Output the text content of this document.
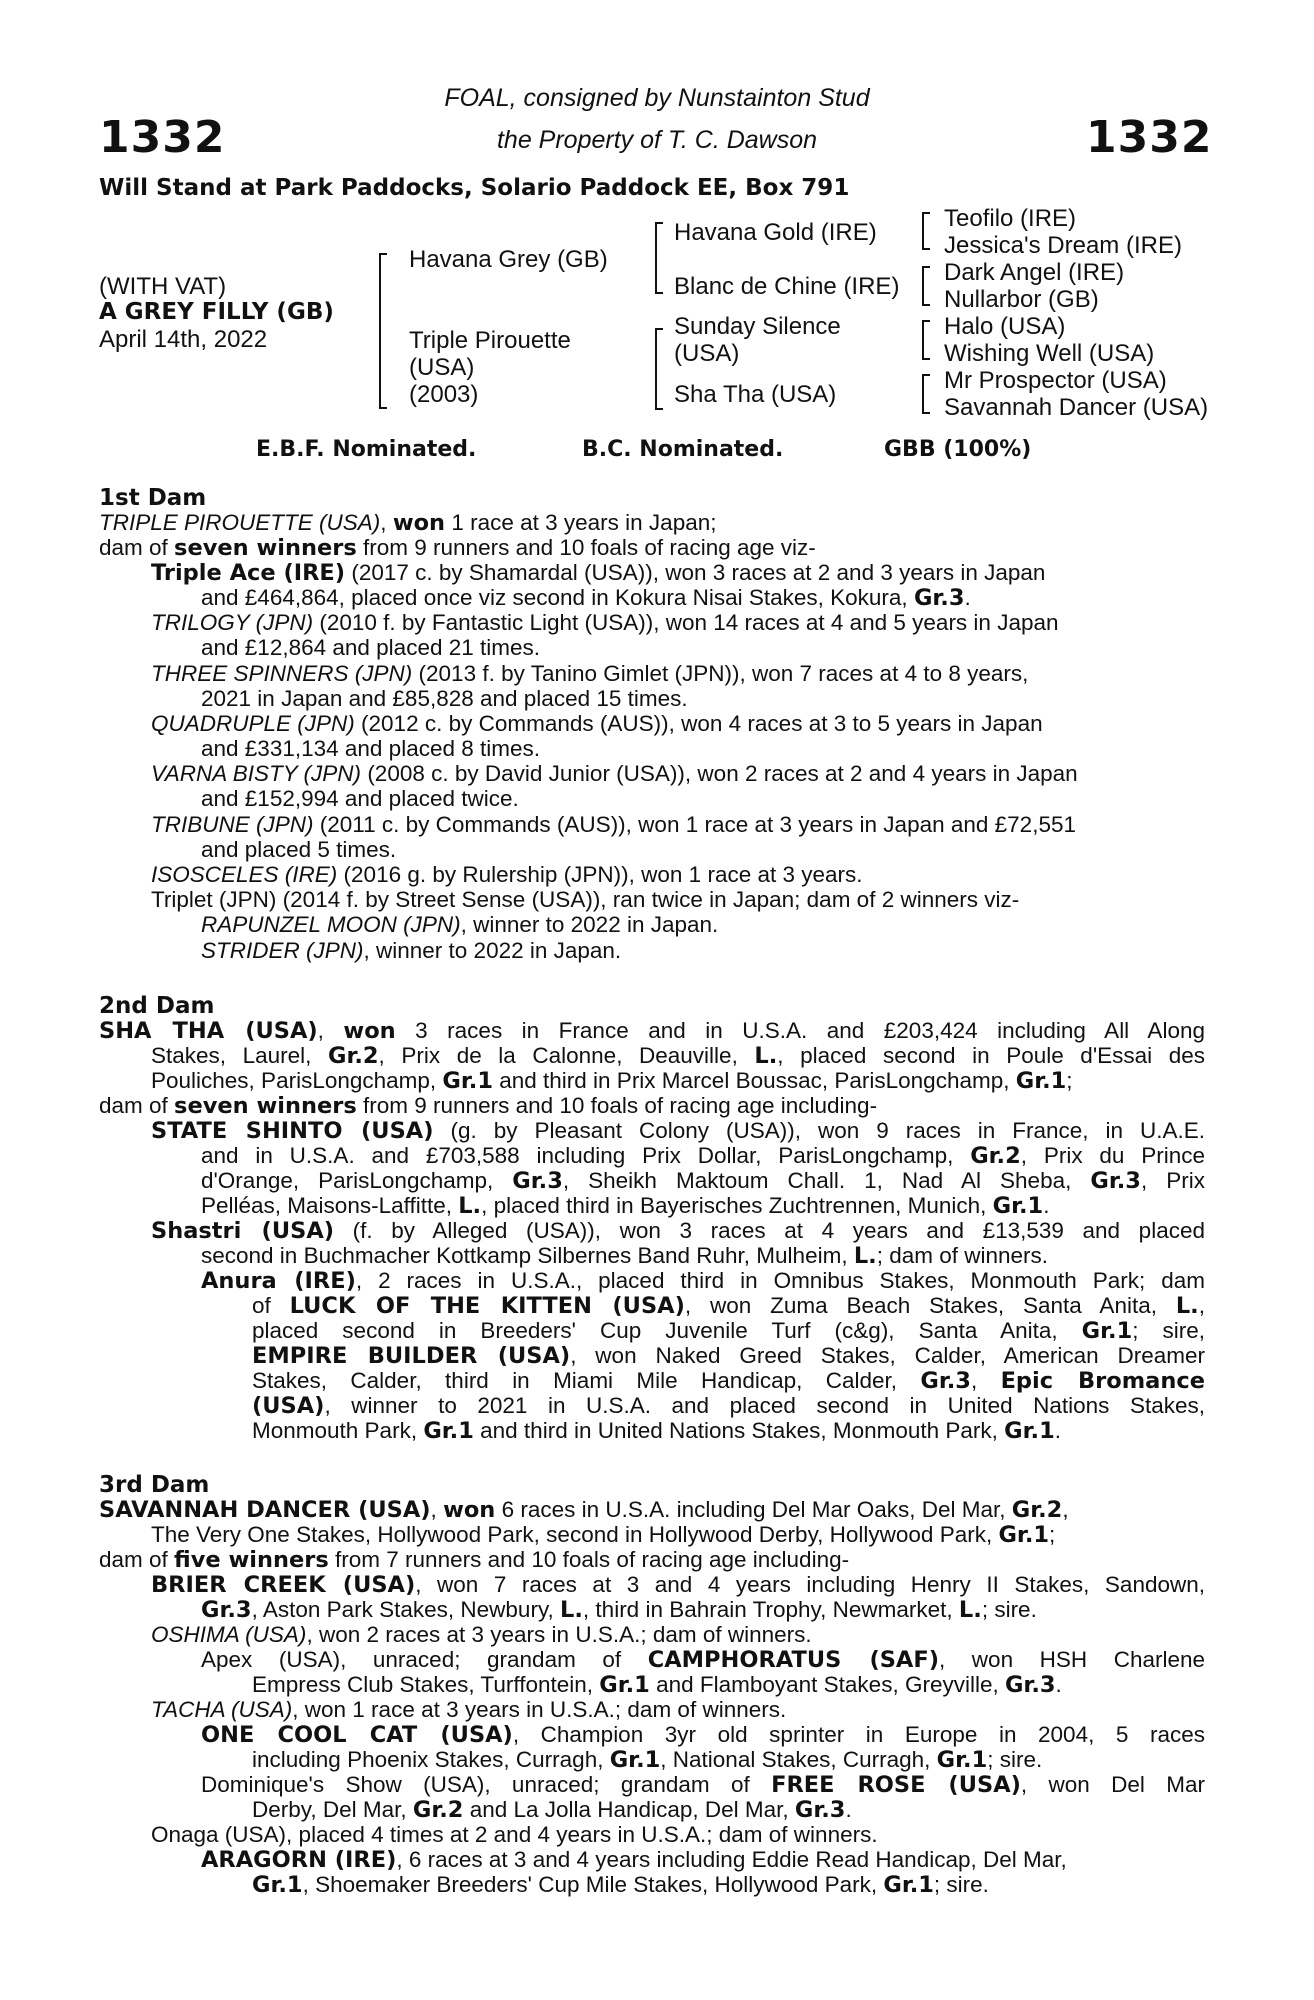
1332	1332
FOAL, consigned by Nunstainton Stud
the Property of T. C. Dawson
Will Stand at Park Paddocks, Solario Paddock EE, Box 791
(WITH VAT)
A GREY FILLY (GB)
April 14th, 2022
Havana Grey (GB)
Triple Pirouette
(USA)
(2003)
Havana Gold (IRE)
Blanc de Chine (IRE)
Sunday Silence
(USA)
Sha Tha (USA)
Teofilo (IRE)
Jessica's Dream (IRE)
Dark Angel (IRE)
Nullarbor (GB)
Halo (USA)
Wishing Well (USA)
Mr Prospector (USA)
Savannah Dancer (USA)
E.B.F. Nominated.	B.C. Nominated.	GBB (100%)
1st Dam
TRIPLE PIROUETTE (USA), won 1 race at 3 years in Japan;
dam of seven winners from 9 runners and 10 foals of racing age viz-
Triple Ace (IRE) (2017 c. by Shamardal (USA)), won 3 races at 2 and 3 years in Japan
and £464,864, placed once viz second in Kokura Nisai Stakes, Kokura, Gr.3.
TRILOGY (JPN) (2010 f. by Fantastic Light (USA)), won 14 races at 4 and 5 years in Japan
and £12,864 and placed 21 times.
THREE SPINNERS (JPN) (2013 f. by Tanino Gimlet (JPN)), won 7 races at 4 to 8 years,
2021 in Japan and £85,828 and placed 15 times.
QUADRUPLE (JPN) (2012 c. by Commands (AUS)), won 4 races at 3 to 5 years in Japan
and £331,134 and placed 8 times.
VARNA BISTY (JPN) (2008 c. by David Junior (USA)), won 2 races at 2 and 4 years in Japan
and £152,994 and placed twice.
TRIBUNE (JPN) (2011 c. by Commands (AUS)), won 1 race at 3 years in Japan and £72,551
and placed 5 times.
ISOSCELES (IRE) (2016 g. by Rulership (JPN)), won 1 race at 3 years.
Triplet (JPN) (2014 f. by Street Sense (USA)), ran twice in Japan; dam of 2 winners viz-
RAPUNZEL MOON (JPN), winner to 2022 in Japan.
STRIDER (JPN), winner to 2022 in Japan.
2nd Dam
SHA THA (USA), won 3 races in France and in U.S.A. and £203,424 including All Along
Stakes, Laurel, Gr.2, Prix de la Calonne, Deauville, L., placed second in Poule d'Essai des
Pouliches, ParisLongchamp, Gr.1 and third in Prix Marcel Boussac, ParisLongchamp, Gr.1;
dam of seven winners from 9 runners and 10 foals of racing age including-
STATE SHINTO (USA) (g. by Pleasant Colony (USA)), won 9 races in France, in U.A.E.
and in U.S.A. and £703,588 including Prix Dollar, ParisLongchamp, Gr.2, Prix du Prince
d'Orange, ParisLongchamp, Gr.3, Sheikh Maktoum Chall. 1, Nad Al Sheba, Gr.3, Prix
Pelléas, Maisons-Laffitte, L., placed third in Bayerisches Zuchtrennen, Munich, Gr.1.
Shastri (USA) (f. by Alleged (USA)), won 3 races at 4 years and £13,539 and placed
second in Buchmacher Kottkamp Silbernes Band Ruhr, Mulheim, L.; dam of winners.
Anura (IRE), 2 races in U.S.A., placed third in Omnibus Stakes, Monmouth Park; dam
of LUCK OF THE KITTEN (USA), won Zuma Beach Stakes, Santa Anita, L.,
placed second in Breeders' Cup Juvenile Turf (c&g), Santa Anita, Gr.1; sire,
EMPIRE BUILDER (USA), won Naked Greed Stakes, Calder, American Dreamer
Stakes, Calder, third in Miami Mile Handicap, Calder, Gr.3, Epic Bromance
(USA), winner to 2021 in U.S.A. and placed second in United Nations Stakes,
Monmouth Park, Gr.1 and third in United Nations Stakes, Monmouth Park, Gr.1.
3rd Dam
SAVANNAH DANCER (USA), won 6 races in U.S.A. including Del Mar Oaks, Del Mar, Gr.2,
The Very One Stakes, Hollywood Park, second in Hollywood Derby, Hollywood Park, Gr.1;
dam of five winners from 7 runners and 10 foals of racing age including-
BRIER CREEK (USA), won 7 races at 3 and 4 years including Henry II Stakes, Sandown,
Gr.3, Aston Park Stakes, Newbury, L., third in Bahrain Trophy, Newmarket, L.; sire.
OSHIMA (USA), won 2 races at 3 years in U.S.A.; dam of winners.
Apex (USA), unraced; grandam of CAMPHORATUS (SAF), won HSH Charlene
Empress Club Stakes, Turffontein, Gr.1 and Flamboyant Stakes, Greyville, Gr.3.
TACHA (USA), won 1 race at 3 years in U.S.A.; dam of winners.
ONE COOL CAT (USA), Champion 3yr old sprinter in Europe in 2004, 5 races
including Phoenix Stakes, Curragh, Gr.1, National Stakes, Curragh, Gr.1; sire.
Dominique's Show (USA), unraced; grandam of FREE ROSE (USA), won Del Mar
Derby, Del Mar, Gr.2 and La Jolla Handicap, Del Mar, Gr.3.
Onaga (USA), placed 4 times at 2 and 4 years in U.S.A.; dam of winners.
ARAGORN (IRE), 6 races at 3 and 4 years including Eddie Read Handicap, Del Mar,
Gr.1, Shoemaker Breeders' Cup Mile Stakes, Hollywood Park, Gr.1; sire.
